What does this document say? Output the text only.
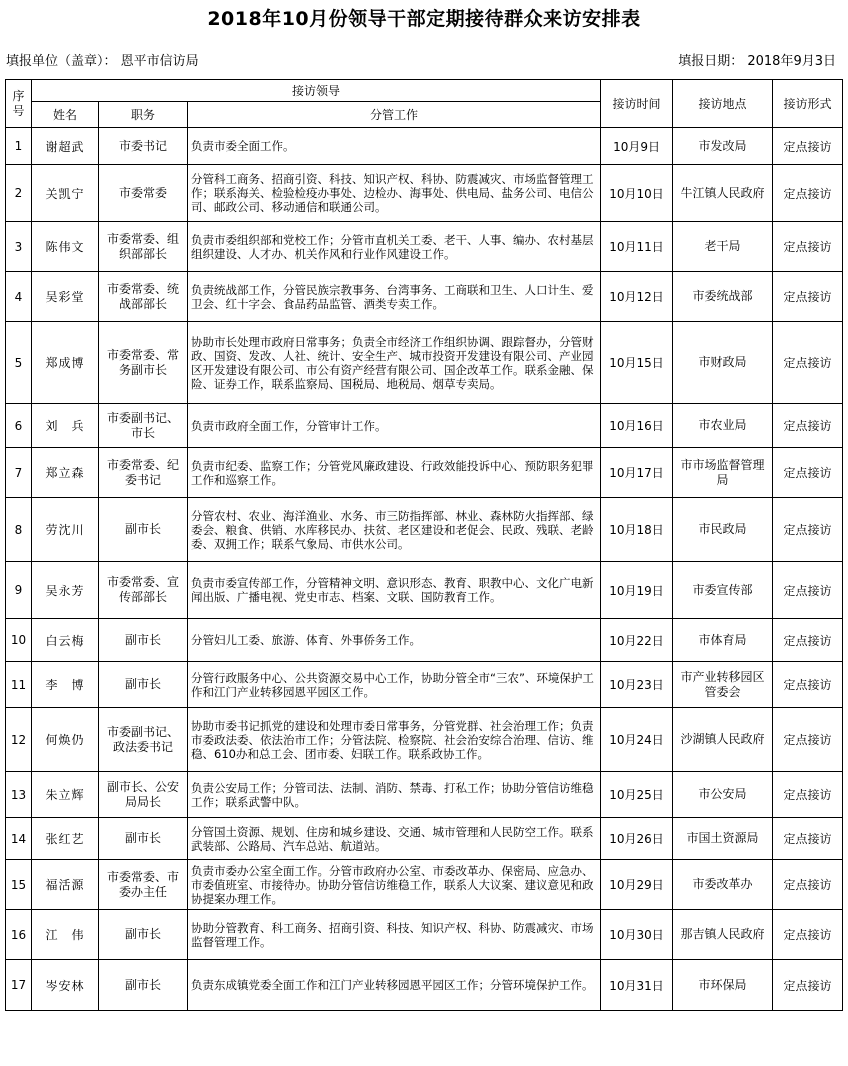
2018年10月份领导干部定期接待群众来访安排表
填报单位（盖章）： 恩平市信访局	填报日期： 2018年9月3日
序号	接访领导			接访时间	接访地点	接访形式
	姓名	职务	分管工作			
1	谢超武	市委书记	负责市委全面工作。	10月9日	市发改局	定点接访
2	关凯宁	市委常委	分管科工商务、招商引资、科技、知识产权、科协、防震减灾、市场监督管理工作；联系海关、检验检疫办事处、边检办、海事处、供电局、盐务公司、电信公司、邮政公司、移动通信和联通公司。	10月10日	牛江镇人民政府	定点接访
3	陈伟文	市委常委、组织部部长	负责市委组织部和党校工作；分管市直机关工委、老干、人事、编办、农村基层组织建设、人才办、机关作风和行业作风建设工作。	10月11日	老干局	定点接访
4	吴彩堂	市委常委、统战部部长	负责统战部工作，分管民族宗教事务、台湾事务、工商联和卫生、人口计生、爱卫会、红十字会、食品药品监管、酒类专卖工作。	10月12日	市委统战部	定点接访
5	郑成博	市委常委、常务副市长	协助市长处理市政府日常事务；负责全市经济工作组织协调、跟踪督办，分管财政、国资、发改、人社、统计、安全生产、城市投资开发建设有限公司、产业园区开发建设有限公司、市公有资产经营有限公司、国企改革工作。联系金融、保险、证券工作，联系监察局、国税局、地税局、烟草专卖局。	10月15日	市财政局	定点接访
6	刘　兵	市委副书记、市长	负责市政府全面工作，分管审计工作。	10月16日	市农业局	定点接访
7	郑立森	市委常委、纪委书记	负责市纪委、监察工作；分管党风廉政建设、行政效能投诉中心、预防职务犯罪工作和巡察工作。	10月17日	市市场监督管理局	定点接访
8	劳沈川	副市长	分管农村、农业、海洋渔业、水务、市三防指挥部、林业、森林防火指挥部、绿委会、粮食、供销、水库移民办、扶贫、老区建设和老促会、民政、残联、老龄委、双拥工作；联系气象局、市供水公司。	10月18日	市民政局	定点接访
9	吴永芳	市委常委、宣传部部长	负责市委宣传部工作，分管精神文明、意识形态、教育、职教中心、文化广电新闻出版、广播电视、党史市志、档案、文联、国防教育工作。	10月19日	市委宣传部	定点接访
10	白云梅	副市长	分管妇儿工委、旅游、体育、外事侨务工作。	10月22日	市体育局	定点接访
11	李　博	副市长	分管行政服务中心、公共资源交易中心工作，协助分管全市“三农”、环境保护工作和江门产业转移园恩平园区工作。	10月23日	市产业转移园区管委会	定点接访
12	何焕仍	市委副书记、政法委书记	协助市委书记抓党的建设和处理市委日常事务，分管党群、社会治理工作；负责市委政法委、依法治市工作；分管法院、检察院、社会治安综合治理、信访、维稳、610办和总工会、团市委、妇联工作。联系政协工作。	10月24日	沙湖镇人民政府	定点接访
13	朱立辉	副市长、公安局局长	负责公安局工作；分管司法、法制、消防、禁毒、打私工作；协助分管信访维稳工作；联系武警中队。	10月25日	市公安局	定点接访
14	张红艺	副市长	分管国土资源、规划、住房和城乡建设、交通、城市管理和人民防空工作。联系武装部、公路局、汽车总站、航道站。	10月26日	市国土资源局	定点接访
15	福活源	市委常委、市委办主任	负责市委办公室全面工作。分管市政府办公室、市委改革办、保密局、应急办、市委值班室、市接待办。协助分管信访维稳工作，联系人大议案、建议意见和政协提案办理工作。	10月29日	市委改革办	定点接访
16	江　伟	副市长	协助分管教育、科工商务、招商引资、科技、知识产权、科协、防震减灾、市场监督管理工作。	10月30日	那吉镇人民政府	定点接访
17	岑安林	副市长	负责东成镇党委全面工作和江门产业转移园恩平园区工作；分管环境保护工作。	10月31日	市环保局	定点接访
